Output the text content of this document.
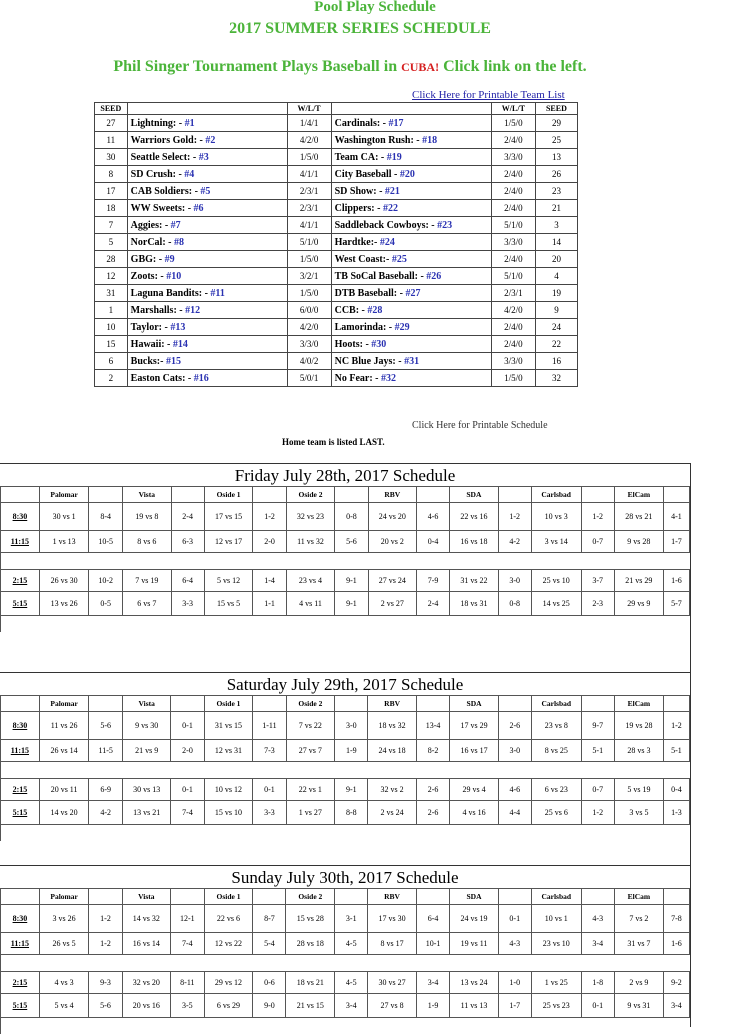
Pool Play Schedule
2017 SUMMER SERIES SCHEDULE
Phil Singer Tournament Plays Baseball in CUBA! Click link on the left.
Click Here for Printable Team List
SEED		W/L/T		W/L/T	SEED
27	Lightning: - #1	1/4/1	Cardinals: - #17	1/5/0	29
11	Warriors Gold: - #2	4/2/0	Washington Rush: - #18	2/4/0	25
30	Seattle Select: - #3	1/5/0	Team CA: - #19	3/3/0	13
8	SD Crush: - #4	4/1/1	City Baseball - #20	2/4/0	26
17	CAB Soldiers: - #5	2/3/1	SD Show: - #21	2/4/0	23
18	WW Sweets: - #6	2/3/1	Clippers: - #22	2/4/0	21
7	Aggies: - #7	4/1/1	Saddleback Cowboys: - #23	5/1/0	3
5	NorCal: - #8	5/1/0	Hardtke:- #24	3/3/0	14
28	GBG: - #9	1/5/0	West Coast:- #25	2/4/0	20
12	Zoots: - #10	3/2/1	TB SoCal Baseball: - #26	5/1/0	4
31	Laguna Bandits: - #11	1/5/0	DTB Baseball: - #27	2/3/1	19
1	Marshalls: - #12	6/0/0	CCB: - #28	4/2/0	9
10	Taylor: - #13	4/2/0	Lamorinda: - #29	2/4/0	24
15	Hawaii: - #14	3/3/0	Hoots: - #30	2/4/0	22
6	Bucks:- #15	4/0/2	NC Blue Jays: - #31	3/3/0	16
2	Easton Cats: - #16	5/0/1	No Fear: - #32	1/5/0	32
Click Here for Printable Schedule
Home team is listed LAST.
Friday July 28th, 2017 Schedule
	Palomar		Vista		Oside 1		Oside 2		RBV		SDA		Carlsbad		ElCam	
8:30	30 vs 1	8-4	19 vs 8	2-4	17 vs 15	1-2	32 vs 23	0-8	24 vs 20	4-6	22 vs 16	1-2	10 vs 3	1-2	28 vs 21	4-1
11:15	1 vs 13	10-5	8 vs 6	6-3	12 vs 17	2-0	11 vs 32	5-6	20 vs 2	0-4	16 vs 18	4-2	3 vs 14	0-7	9 vs 28	1-7

2:15	26 vs 30	10-2	7 vs 19	6-4	5 vs 12	1-4	23 vs 4	9-1	27 vs 24	7-9	31 vs 22	3-0	25 vs 10	3-7	21 vs 29	1-6
5:15	13 vs 26	0-5	6 vs 7	3-3	15 vs 5	1-1	4 vs 11	9-1	2 vs 27	2-4	18 vs 31	0-8	14 vs 25	2-3	29 vs 9	5-7

Saturday July 29th, 2017 Schedule
	Palomar		Vista		Oside 1		Oside 2		RBV		SDA		Carlsbad		ElCam	
8:30	11 vs 26	5-6	9 vs 30	0-1	31 vs 15	1-11	7 vs 22	3-0	18 vs 32	13-4	17 vs 29	2-6	23 vs 8	9-7	19 vs 28	1-2
11:15	26 vs 14	11-5	21 vs 9	2-0	12 vs 31	7-3	27 vs 7	1-9	24 vs 18	8-2	16 vs 17	3-0	8 vs 25	5-1	28 vs 3	5-1

2:15	20 vs 11	6-9	30 vs 13	0-1	10 vs 12	0-1	22 vs 1	9-1	32 vs 2	2-6	29 vs 4	4-6	6 vs 23	0-7	5 vs 19	0-4
5:15	14 vs 20	4-2	13 vs 21	7-4	15 vs 10	3-3	1 vs 27	8-8	2 vs 24	2-6	4 vs 16	4-4	25 vs 6	1-2	3 vs 5	1-3

Sunday July 30th, 2017 Schedule
	Palomar		Vista		Oside 1		Oside 2		RBV		SDA		Carlsbad		ElCam	
8:30	3 vs 26	1-2	14 vs 32	12-1	22 vs 6	8-7	15 vs 28	3-1	17 vs 30	6-4	24 vs 19	0-1	10 vs 1	4-3	7 vs 2	7-8
11:15	26 vs 5	1-2	16 vs 14	7-4	12 vs 22	5-4	28 vs 18	4-5	8 vs 17	10-1	19 vs 11	4-3	23 vs 10	3-4	31 vs 7	1-6

2:15	4 vs 3	9-3	32 vs 20	8-11	29 vs 12	0-6	18 vs 21	4-5	30 vs 27	3-4	13 vs 24	1-0	1 vs 25	1-8	2 vs 9	9-2
5:15	5 vs 4	5-6	20 vs 16	3-5	6 vs 29	9-0	21 vs 15	3-4	27 vs 8	1-9	11 vs 13	1-7	25 vs 23	0-1	9 vs 31	3-4
